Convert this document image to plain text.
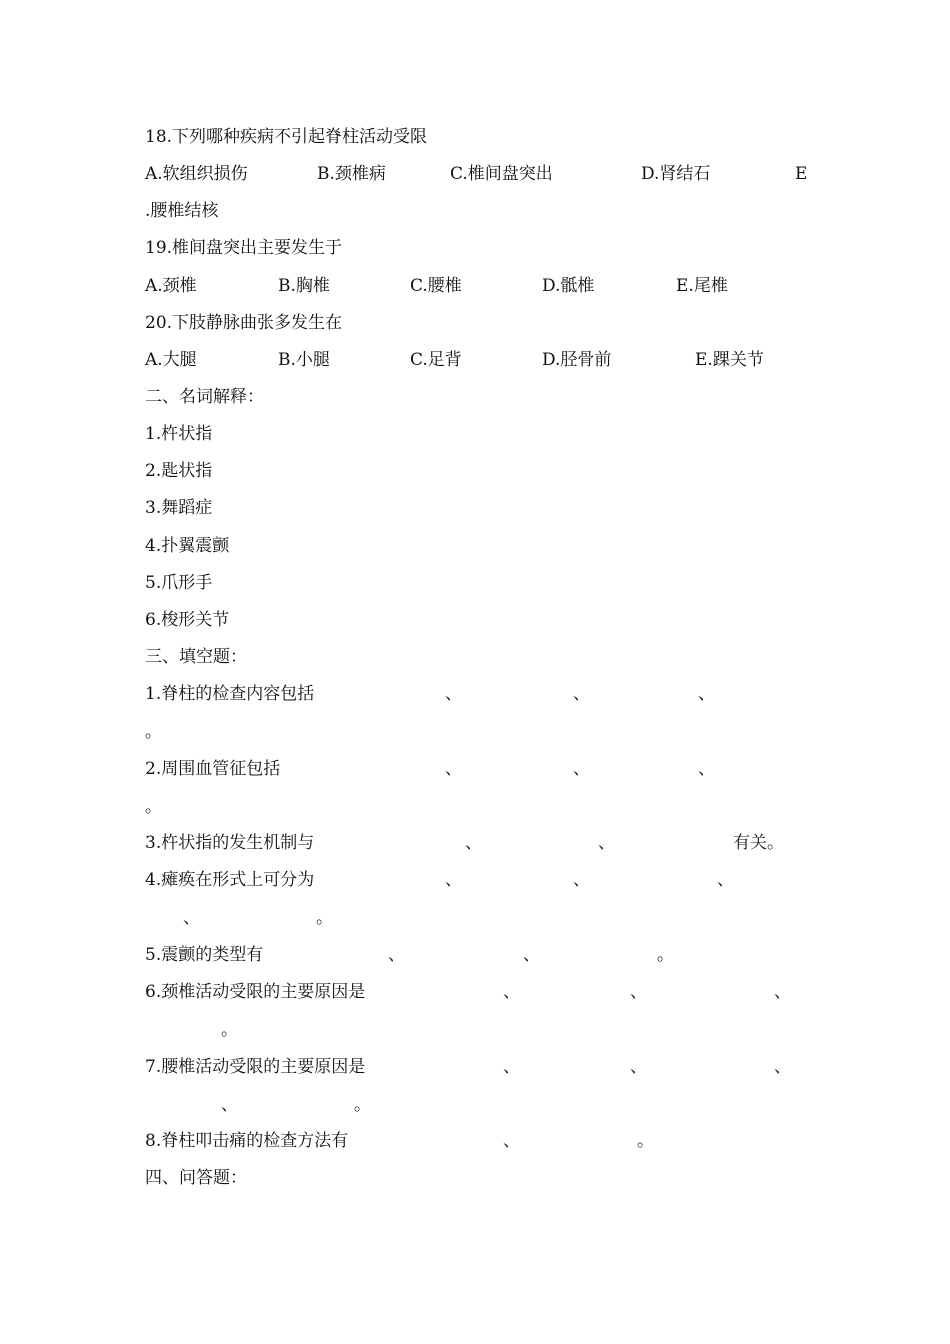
18.下列哪种疾病不引起脊柱活动受限
A.软组织损伤	B.颈椎病	C.椎间盘突出	D.肾结石	E
.腰椎结核
19.椎间盘突出主要发生于
A.颈椎	B.胸椎	C.腰椎	D.骶椎	E.尾椎
20.下肢静脉曲张多发生在
A.大腿	B.小腿	C.足背	D.胫骨前	E.踝关节
二、名词解释：
1.杵状指
2.匙状指
3.舞蹈症
4.扑翼震颤
5.爪形手
6.梭形关节
三、填空题：
1.脊柱的检查内容包括	、	、	、
。
2.周围血管征包括	、	、	、
。
3.杵状指的发生机制与	、	、	有关。
4.瘫痪在形式上可分为	、	、	、
、	。
5.震颤的类型有	、	、	。
6.颈椎活动受限的主要原因是	、	、	、
。
7.腰椎活动受限的主要原因是	、	、	、
、	。
8.脊柱叩击痛的检查方法有	、	。
四、问答题：
